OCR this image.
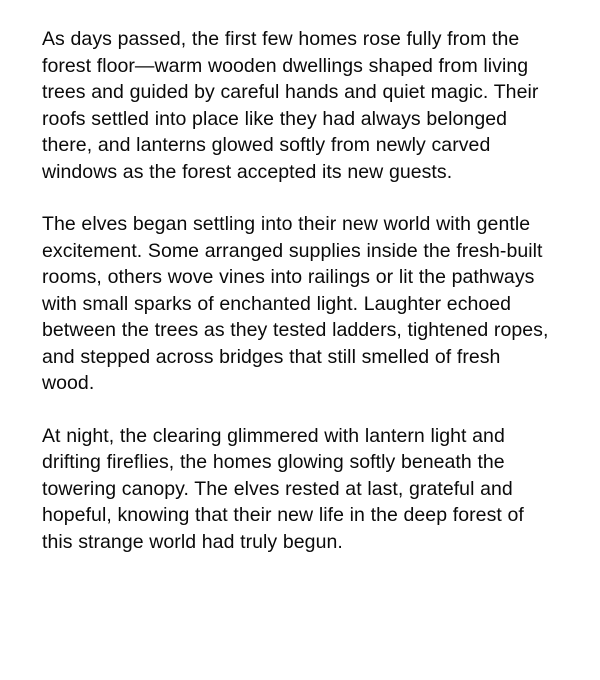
As days passed, the first few homes rose fully from the forest floor—warm wooden dwellings shaped from living trees and guided by careful hands and quiet magic. Their roofs settled into place like they had always belonged there, and lanterns glowed softly from newly carved windows as the forest accepted its new guests.

The elves began settling into their new world with gentle excitement. Some arranged supplies inside the fresh-built rooms, others wove vines into railings or lit the pathways with small sparks of enchanted light. Laughter echoed between the trees as they tested ladders, tightened ropes, and stepped across bridges that still smelled of fresh wood.

At night, the clearing glimmered with lantern light and drifting fireflies, the homes glowing softly beneath the towering canopy. The elves rested at last, grateful and hopeful, knowing that their new life in the deep forest of this strange world had truly begun.
